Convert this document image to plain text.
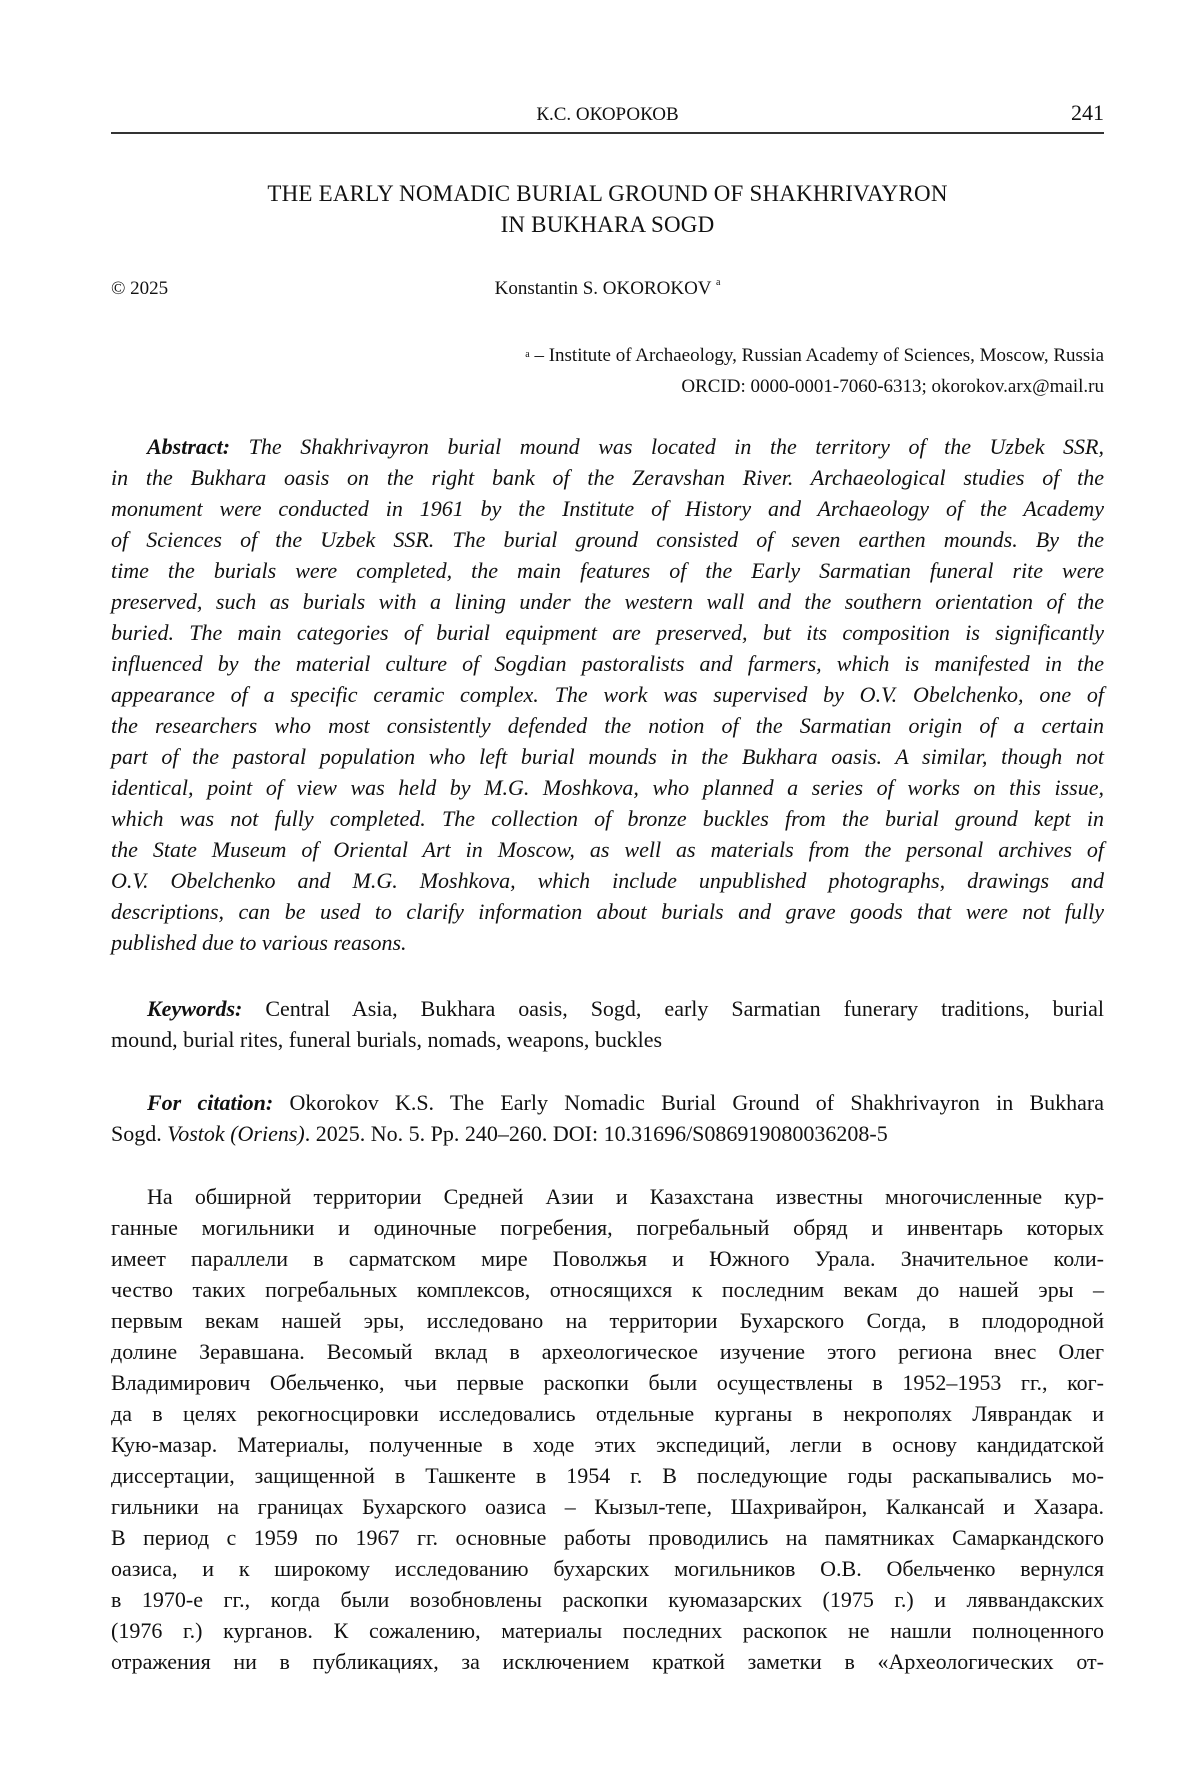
К.С. ОКОРОКОВ	241
THE EARLY NOMADIC BURIAL GROUND OF SHAKHRIVAYRON
IN BUKHARA SOGD
© 2025	Konstantin S. OKOROKOV a
a – Institute of Archaeology, Russian Academy of Sciences, Moscow, Russia
ORCID: 0000-0001-7060-6313; okorokov.arx@mail.ru
Abstract: The Shakhrivayron burial mound was located in the territory of the Uzbek SSR,
in the Bukhara oasis on the right bank of the Zeravshan River. Archaeological studies of the
monument were conducted in 1961 by the Institute of History and Archaeology of the Academy
of Sciences of the Uzbek SSR. The burial ground consisted of seven earthen mounds. By the
time the burials were completed, the main features of the Early Sarmatian funeral rite were
preserved, such as burials with a lining under the western wall and the southern orientation of the
buried. The main categories of burial equipment are preserved, but its composition is significantly
influenced by the material culture of Sogdian pastoralists and farmers, which is manifested in the
appearance of a specific ceramic complex. The work was supervised by O.V. Obelchenko, one of
the researchers who most consistently defended the notion of the Sarmatian origin of a certain
part of the pastoral population who left burial mounds in the Bukhara oasis. A similar, though not
identical, point of view was held by M.G. Moshkova, who planned a series of works on this issue,
which was not fully completed. The collection of bronze buckles from the burial ground kept in
the State Museum of Oriental Art in Moscow, as well as materials from the personal archives of
O.V. Obelchenko and M.G. Moshkova, which include unpublished photographs, drawings and
descriptions, can be used to clarify information about burials and grave goods that were not fully
published due to various reasons.
Keywords: Central Asia, Bukhara oasis, Sogd, early Sarmatian funerary traditions, burial
mound, burial rites, funeral burials, nomads, weapons, buckles
For citation: Okorokov K.S. The Early Nomadic Burial Ground of Shakhrivayron in Bukhara
Sogd. Vostok (Oriens). 2025. No. 5. Pp. 240–260. DOI: 10.31696/S086919080036208-5
На обширной территории Средней Азии и Казахстана известны многочисленные кур-
ганные могильники и одиночные погребения, погребальный обряд и инвентарь которых
имеет параллели в сарматском мире Поволжья и Южного Урала. Значительное коли-
чество таких погребальных комплексов, относящихся к последним векам до нашей эры –
первым векам нашей эры, исследовано на территории Бухарского Согда, в плодородной
долине Зеравшана. Весомый вклад в археологическое изучение этого региона внес Олег
Владимирович Обельченко, чьи первые раскопки были осуществлены в 1952–1953 гг., ког-
да в целях рекогносцировки исследовались отдельные курганы в некрополях Ляврандак и
Кую-мазар. Материалы, полученные в ходе этих экспедиций, легли в основу кандидатской
диссертации, защищенной в Ташкенте в 1954 г. В последующие годы раскапывались мо-
гильники на границах Бухарского оазиса – Кызыл-тепе, Шахривайрон, Калкансай и Хазара.
В период с 1959 по 1967 гг. основные работы проводились на памятниках Самаркандского
оазиса, и к широкому исследованию бухарских могильников О.В. Обельченко вернулся
в 1970-е гг., когда были возобновлены раскопки куюмазарских (1975 г.) и ляввандакских
(1976 г.) курганов. К сожалению, материалы последних раскопок не нашли полноценного
отражения ни в публикациях, за исключением краткой заметки в «Археологических от-
